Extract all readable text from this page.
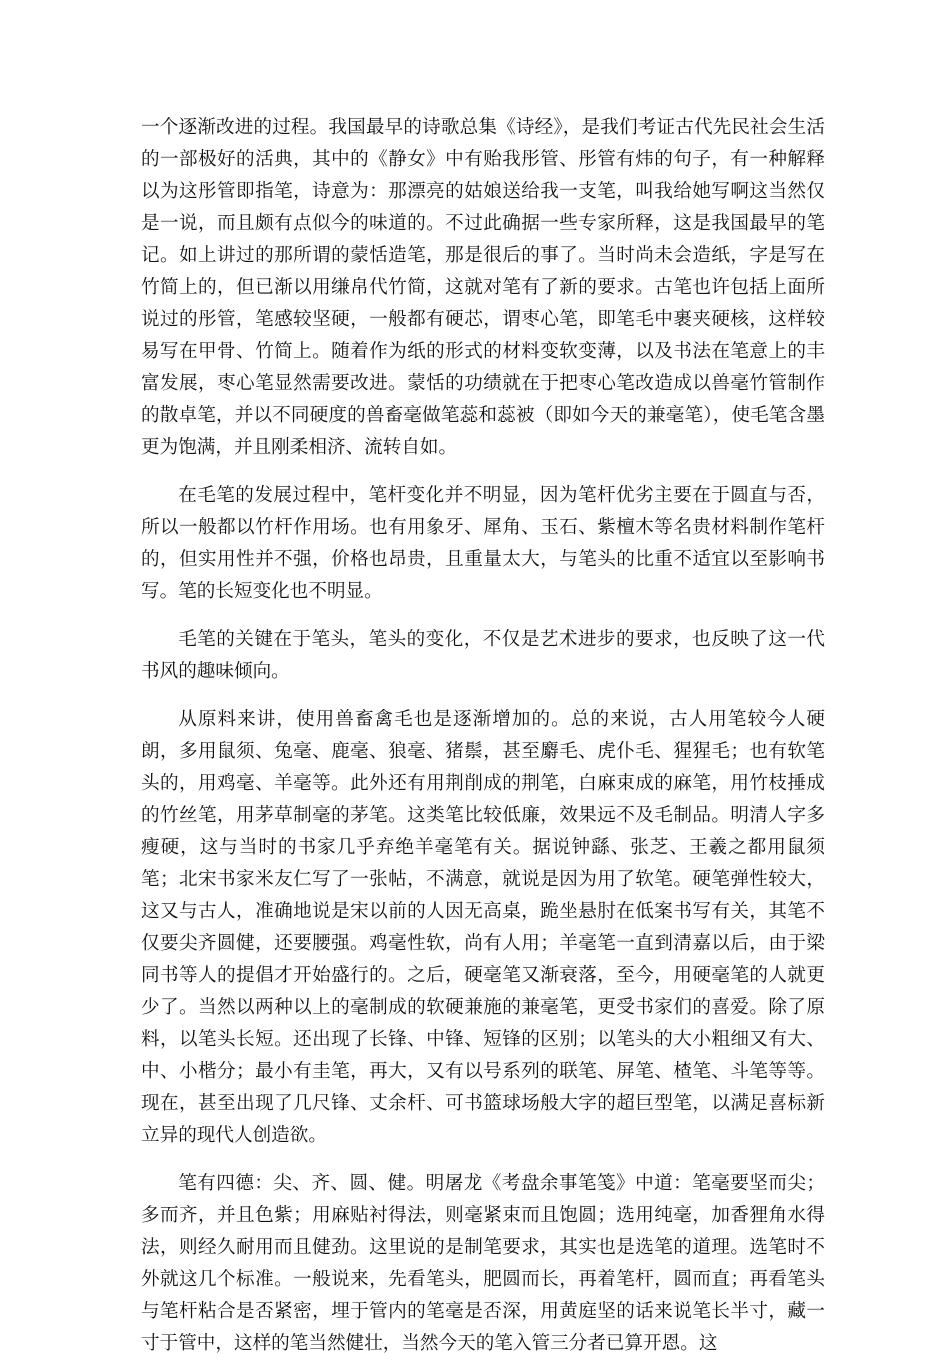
一个逐渐改进的过程。我国最早的诗歌总集《诗经》，是我们考证古代先民社会生活的一部极好的活典，其中的《静女》中有贻我彤管、彤管有炜的句子，有一种解释以为这彤管即指笔，诗意为：那漂亮的姑娘送给我一支笔，叫我给她写啊这当然仅是一说，而且颇有点似今的味道的。不过此确据一些专家所释，这是我国最早的笔记。如上讲过的那所谓的蒙恬造笔，那是很后的事了。当时尚未会造纸，字是写在竹简上的，但已渐以用缣帛代竹简，这就对笔有了新的要求。古笔也许包括上面所说过的彤管，笔感较坚硬，一般都有硬芯，谓枣心笔，即笔毛中裹夹硬核，这样较易写在甲骨、竹简上。随着作为纸的形式的材料变软变薄，以及书法在笔意上的丰富发展，枣心笔显然需要改进。蒙恬的功绩就在于把枣心笔改造成以兽毫竹管制作的散卓笔，并以不同硬度的兽畜毫做笔蕊和蕊被（即如今天的兼毫笔），使毛笔含墨更为饱满，并且刚柔相济、流转自如。

在毛笔的发展过程中，笔杆变化并不明显，因为笔杆优劣主要在于圆直与否，所以一般都以竹杆作用场。也有用象牙、犀角、玉石、紫檀木等名贵材料制作笔杆的，但实用性并不强，价格也昂贵，且重量太大，与笔头的比重不适宜以至影响书写。笔的长短变化也不明显。

毛笔的关键在于笔头，笔头的变化，不仅是艺术进步的要求，也反映了这一代书风的趣味倾向。

从原料来讲，使用兽畜禽毛也是逐渐增加的。总的来说，古人用笔较今人硬朗，多用鼠须、兔毫、鹿毫、狼毫、猪鬃，甚至麝毛、虎仆毛、猩猩毛；也有软笔头的，用鸡毫、羊毫等。此外还有用荆削成的荆笔，白麻束成的麻笔，用竹枝捶成的竹丝笔，用茅草制毫的茅笔。这类笔比较低廉，效果远不及毛制品。明清人字多瘦硬，这与当时的书家几乎弃绝羊毫笔有关。据说钟繇、张芝、王羲之都用鼠须笔；北宋书家米友仁写了一张帖，不满意，就说是因为用了软笔。硬笔弹性较大，这又与古人，准确地说是宋以前的人因无高桌，跪坐悬肘在低案书写有关，其笔不仅要尖齐圆健，还要腰强。鸡毫性软，尚有人用；羊毫笔一直到清嘉以后，由于梁同书等人的提倡才开始盛行的。之后，硬毫笔又渐衰落，至今，用硬毫笔的人就更少了。当然以两种以上的毫制成的软硬兼施的兼毫笔，更受书家们的喜爱。除了原料，以笔头长短。还出现了长锋、中锋、短锋的区别；以笔头的大小粗细又有大、中、小楷分；最小有圭笔，再大，又有以号系列的联笔、屏笔、楂笔、斗笔等等。现在，甚至出现了几尺锋、丈余杆、可书篮球场般大字的超巨型笔，以满足喜标新立异的现代人创造欲。

笔有四德：尖、齐、圆、健。明屠龙《考盘余事笔笺》中道：笔毫要坚而尖；多而齐，并且色紫；用麻贴衬得法，则毫紧束而且饱圆；选用纯毫，加香狸角水得法，则经久耐用而且健劲。这里说的是制笔要求，其实也是选笔的道理。选笔时不外就这几个标准。一般说来，先看笔头，肥圆而长，再着笔杆，圆而直；再看笔头与笔杆粘合是否紧密，埋于管内的笔毫是否深，用黄庭坚的话来说笔长半寸，藏一寸于管中，这样的笔当然健壮，当然今天的笔入管三分者已算开恩。这
